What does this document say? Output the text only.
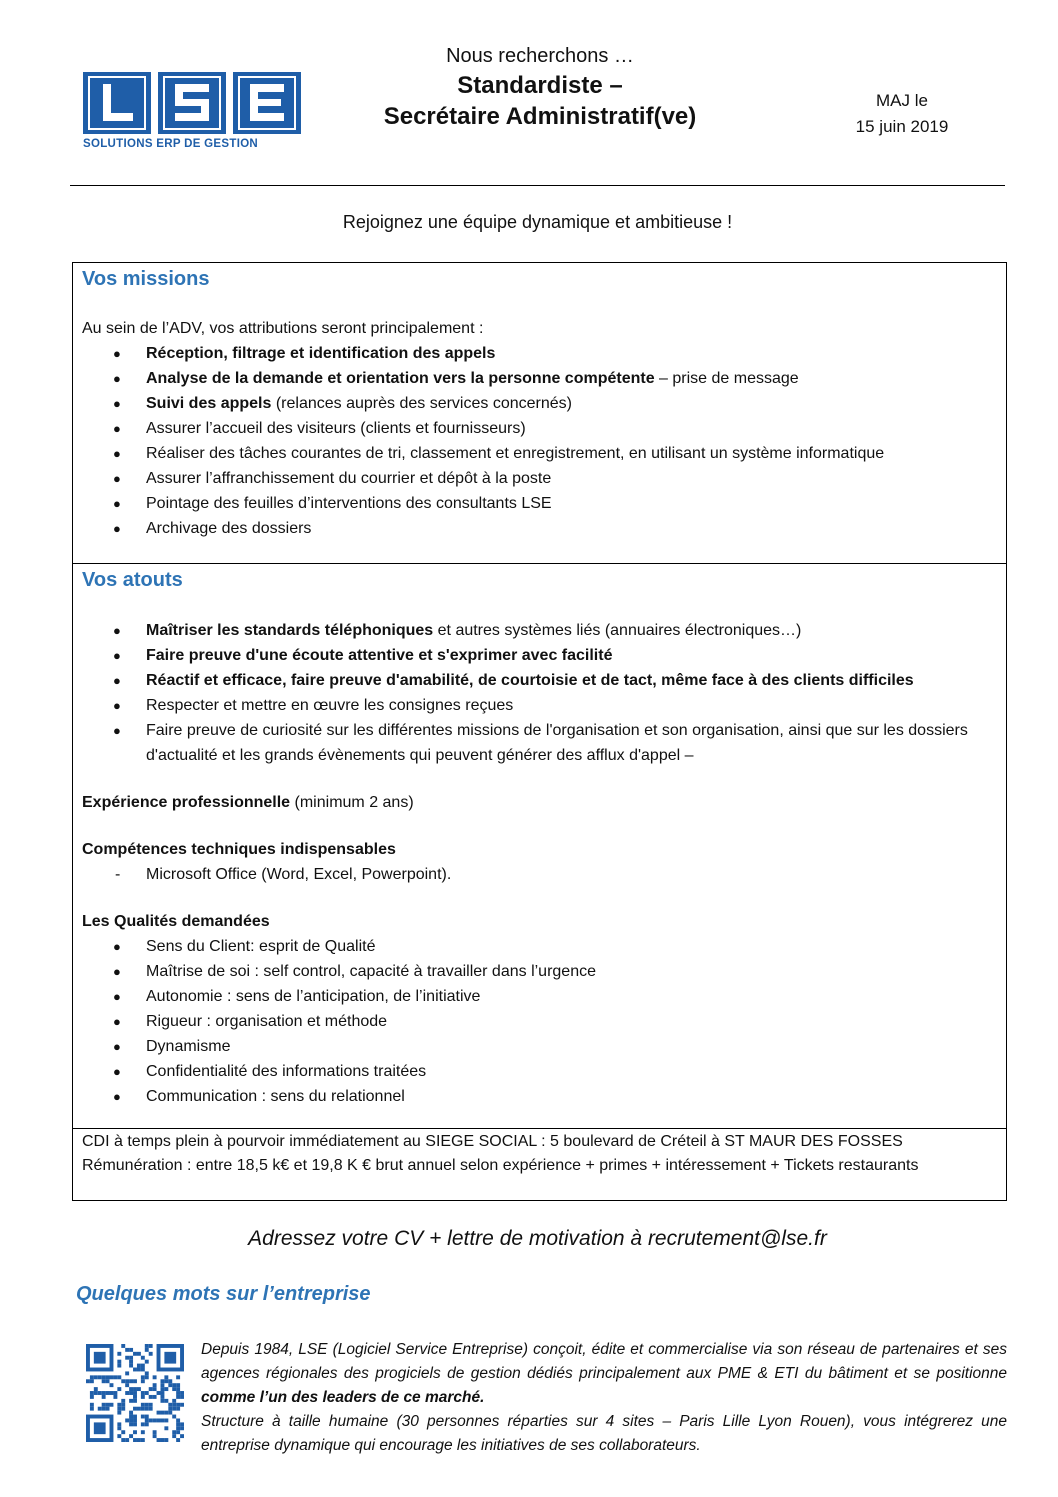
SOLUTIONS ERP DE GESTION
Nous recherchons …
Standardiste –
Secrétaire Administratif(ve)
MAJ le
15 juin 2019
Rejoignez une équipe dynamique et ambitieuse !
Vos missions
Au sein de l’ADV, vos attributions seront principalement :
● Réception, filtrage et identification des appels
● Analyse de la demande et orientation vers la personne compétente – prise de message
● Suivi des appels (relances auprès des services concernés)
● Assurer l’accueil des visiteurs (clients et fournisseurs)
● Réaliser des tâches courantes de tri, classement et enregistrement, en utilisant un système informatique
● Assurer l’affranchissement du courrier et dépôt à la poste
● Pointage des feuilles d’interventions des consultants LSE
● Archivage des dossiers
Vos atouts
● Maîtriser les standards téléphoniques et autres systèmes liés (annuaires électroniques…)
● Faire preuve d'une écoute attentive et s'exprimer avec facilité
● Réactif et efficace, faire preuve d'amabilité, de courtoisie et de tact, même face à des clients difficiles
● Respecter et mettre en œuvre les consignes reçues
● Faire preuve de curiosité sur les différentes missions de l'organisation et son organisation, ainsi que sur les dossiers d'actualité et les grands évènements qui peuvent générer des afflux d'appel –
Expérience professionnelle (minimum 2 ans)
Compétences techniques indispensables
- Microsoft Office (Word, Excel, Powerpoint).
Les Qualités demandées
● Sens du Client: esprit de Qualité
● Maîtrise de soi : self control, capacité à travailler dans l’urgence
● Autonomie : sens de l’anticipation, de l’initiative
● Rigueur : organisation et méthode
● Dynamisme
● Confidentialité des informations traitées
● Communication : sens du relationnel
CDI à temps plein à pourvoir immédiatement au SIEGE SOCIAL : 5 boulevard de Créteil à ST MAUR DES FOSSES
Rémunération : entre 18,5 k€ et 19,8 K € brut annuel selon expérience + primes + intéressement + Tickets restaurants
Adressez votre CV + lettre de motivation à recrutement@lse.fr
Quelques mots sur l’entreprise
Depuis 1984, LSE (Logiciel Service Entreprise) conçoit, édite et commercialise via son réseau de partenaires et ses agences régionales des progiciels de gestion dédiés principalement aux PME & ETI du bâtiment et se positionne comme l’un des leaders de ce marché.
Structure à taille humaine (30 personnes réparties sur 4 sites – Paris Lille Lyon Rouen), vous intégrerez une entreprise dynamique qui encourage les initiatives de ses collaborateurs.
